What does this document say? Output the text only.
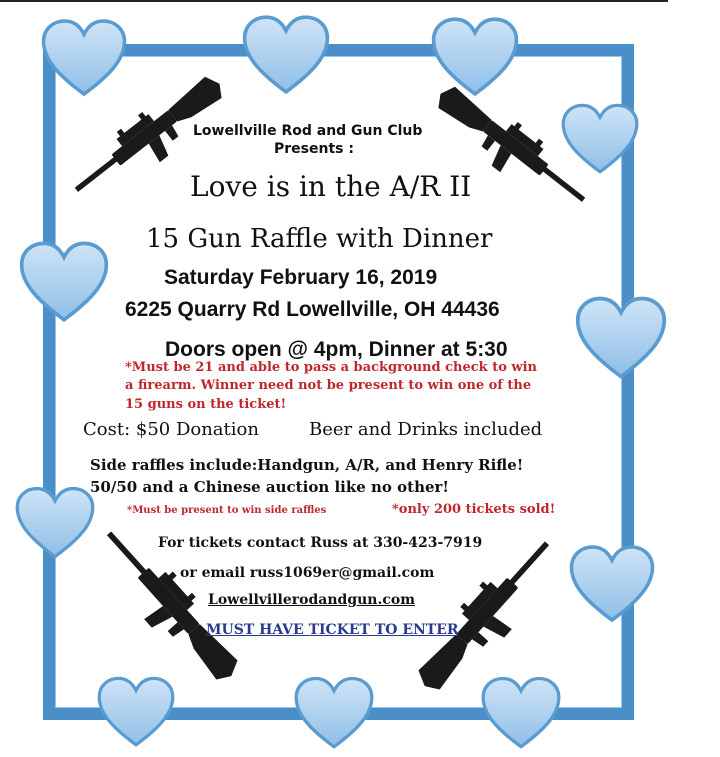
Lowellville Rod and Gun Club
Presents :
Love is in the A/R II
15 Gun Raffle with Dinner
Saturday February 16, 2019
6225 Quarry Rd Lowellville, OH 44436
Doors open @ 4pm, Dinner at 5:30
*Must be 21 and able to pass a background check to win
a firearm. Winner need not be present to win one of the
15 guns on the ticket!
Cost: $50 Donation	Beer and Drinks included
Side raffles include:Handgun, A/R, and Henry Rifle!
50/50 and a Chinese auction like no other!
*Must be present to win side raffles	*only 200 tickets sold!
For tickets contact Russ at 330-423-7919
or email russ1069er@gmail.com
Lowellvillerodandgun.com
MUST HAVE TICKET TO ENTER
